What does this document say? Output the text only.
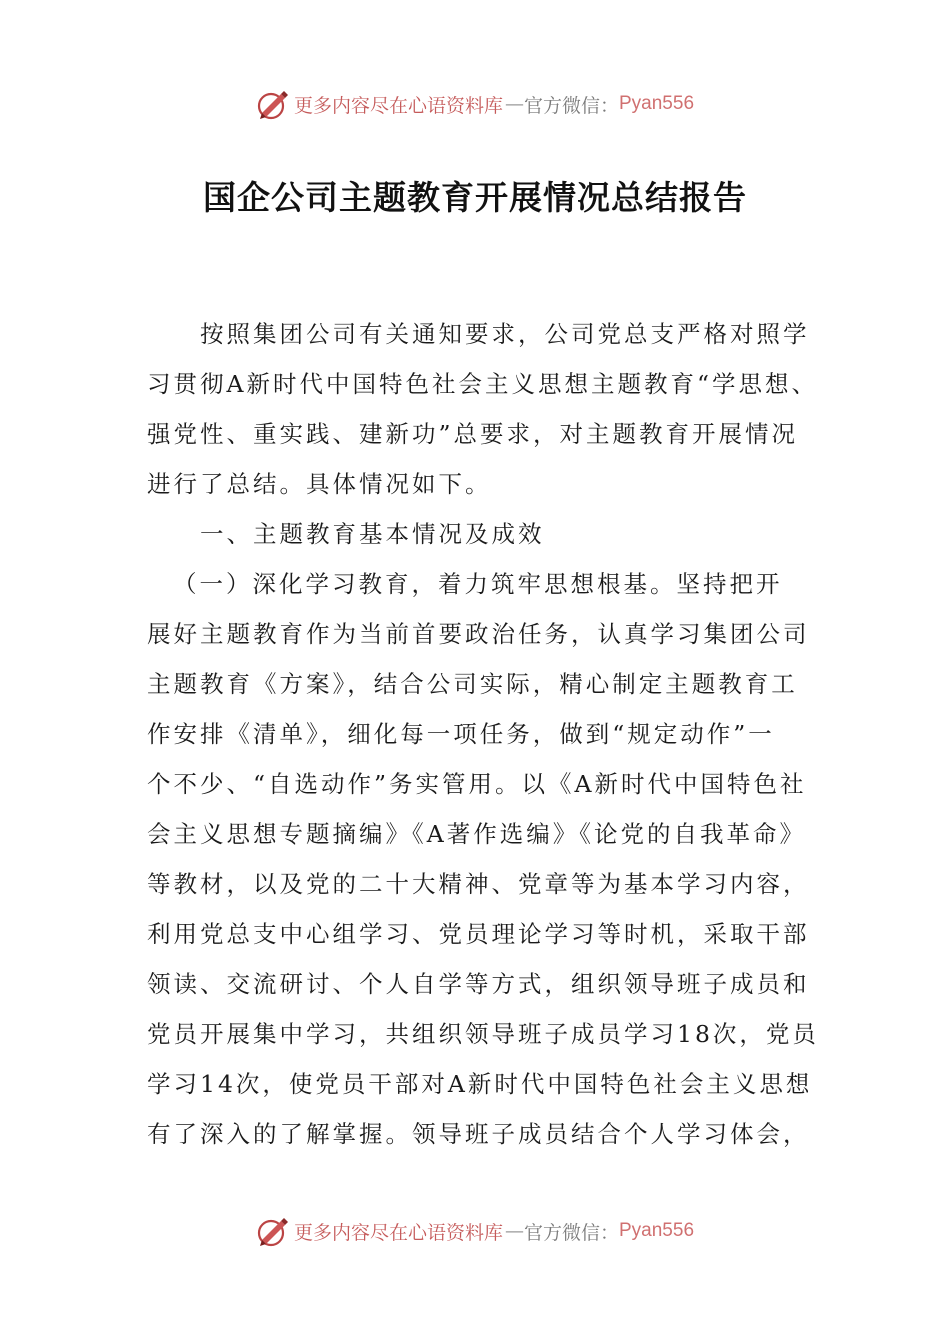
更多内容尽在心语资料库 — 官方微信： Pyan556
国企公司主题教育开展情况总结报告
按照集团公司有关通知要求，公司党总支严格对照学
习贯彻A新时代中国特色社会主义思想主题教育“学思想、
强党性、重实践、建新功”总要求，对主题教育开展情况
进行了总结。具体情况如下。
一、主题教育基本情况及成效
（一）深化学习教育，着力筑牢思想根基。坚持把开
展好主题教育作为当前首要政治任务，认真学习集团公司
主题教育《方案》，结合公司实际，精心制定主题教育工
作安排《清单》，细化每一项任务，做到“规定动作”一
个不少、“自选动作”务实管用。以《A新时代中国特色社
会主义思想专题摘编》《A著作选编》《论党的自我革命》
等教材，以及党的二十大精神、党章等为基本学习内容，
利用党总支中心组学习、党员理论学习等时机，采取干部
领读、交流研讨、个人自学等方式，组织领导班子成员和
党员开展集中学习，共组织领导班子成员学习18次，党员
学习14次，使党员干部对A新时代中国特色社会主义思想
有了深入的了解掌握。领导班子成员结合个人学习体会，
更多内容尽在心语资料库 — 官方微信： Pyan556
